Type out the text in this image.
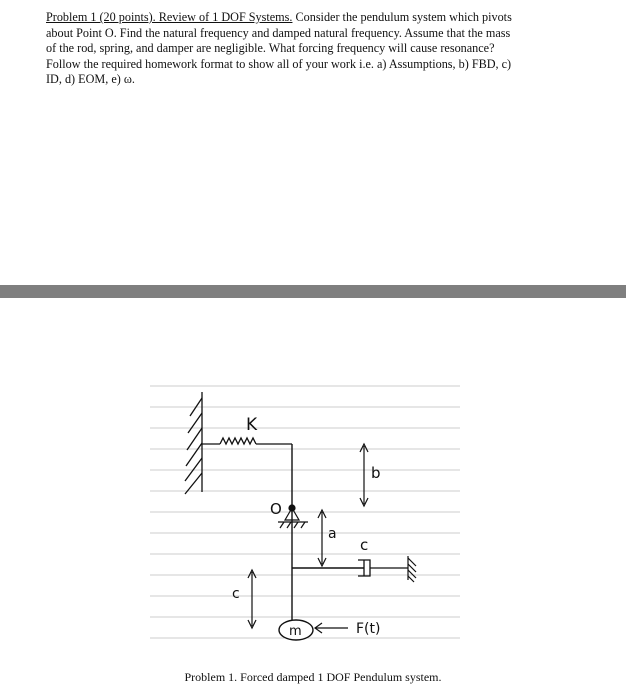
Problem 1 (20 points). Review of 1 DOF Systems. Consider the pendulum system which pivots
about Point O. Find the natural frequency and damped natural frequency. Assume that the mass
of the rod, spring, and damper are negligible. What forcing frequency will cause resonance?
Follow the required homework format to show all of your work i.e. a) Assumptions, b) FBD, c)
ID, d) EOM, e) ω.
K
O
b
a
c
c
m	F(t)

Problem 1. Forced damped 1 DOF Pendulum system.
